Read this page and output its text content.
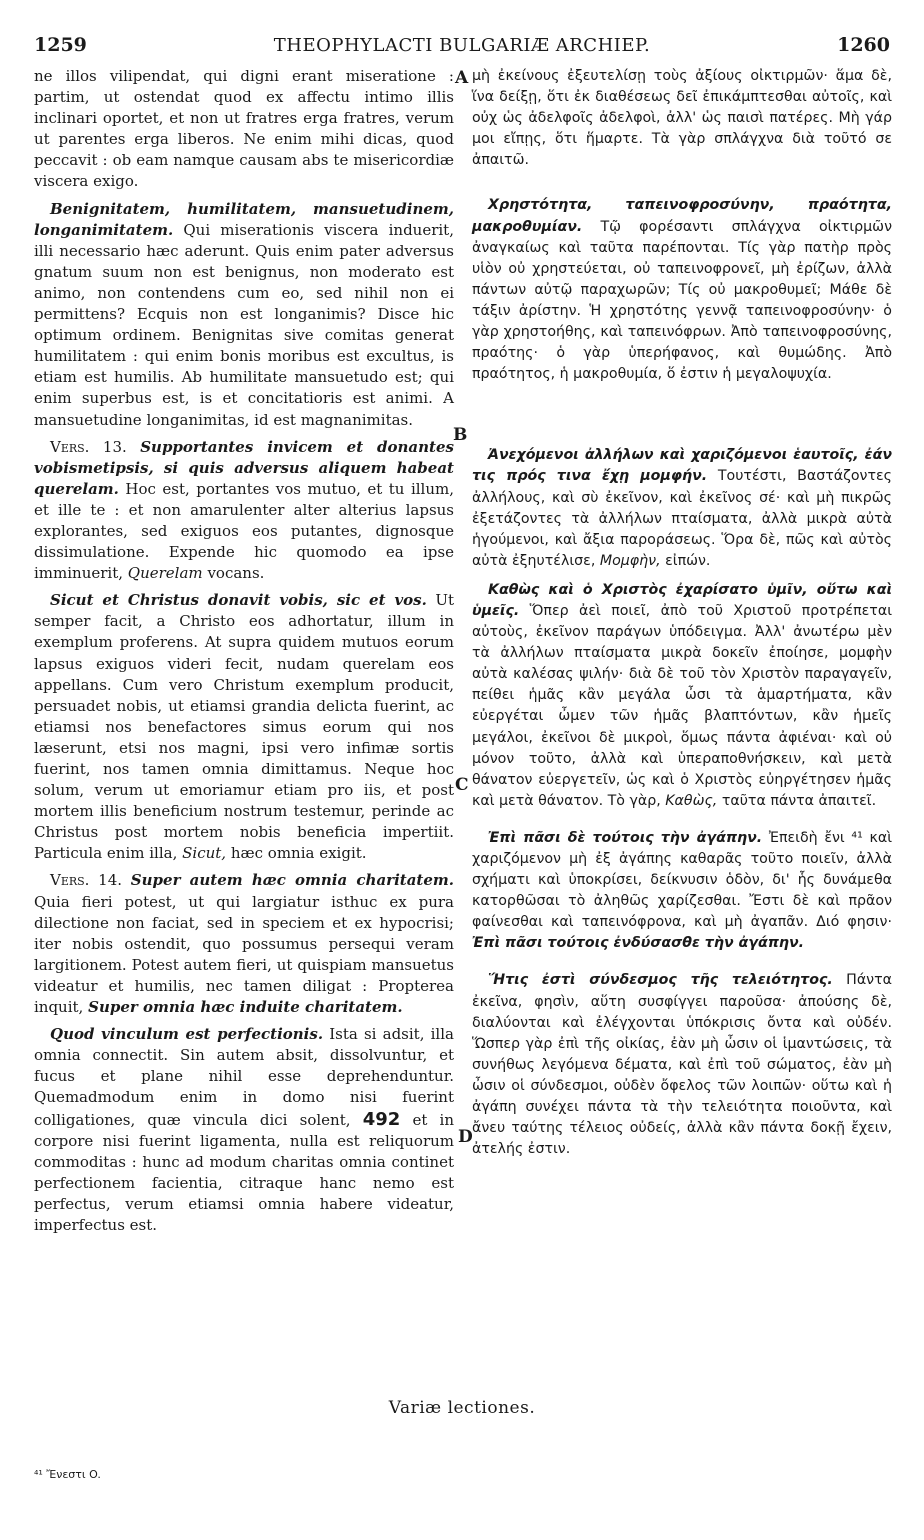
1259	THEOPHYLACTI BULGARIÆ ARCHIEP.	1260
A
B
C
D

ne illos vilipendat, qui digni erant miseratione : partim, ut ostendat quod ex affectu intimo illis inclinari oportet, et non ut fratres erga fratres, verum ut parentes erga liberos. Ne enim mihi dicas, quod peccavit : ob eam namque causam abs te misericordiæ viscera exigo.

Benignitatem, humilitatem, mansuetudinem, longanimitatem. Qui miserationis viscera induerit, illi necessario hæc aderunt. Quis enim pater adversus gnatum suum non est benignus, non moderato est animo, non contendens cum eo, sed nihil non ei permittens? Ecquis non est longanimis? Disce hic optimum ordinem. Benignitas sive comitas generat humilitatem : qui enim bonis moribus est excultus, is etiam est humilis. Ab humilitate mansuetudo est; qui enim superbus est, is et concitatioris est animi. A mansuetudine longanimitas, id est magnanimitas.

Vers. 13. Supportantes invicem et donantes vobismetipsis, si quis adversus aliquem habeat querelam. Hoc est, portantes vos mutuo, et tu illum, et ille te : et non amarulenter alter alterius lapsus explorantes, sed exiguos eos putantes, dignosque dissimulatione. Expende hic quomodo ea ipse imminuerit, Querelam vocans.

Sicut et Christus donavit vobis, sic et vos. Ut semper facit, a Christo eos adhortatur, illum in exemplum proferens. At supra quidem mutuos eorum lapsus exiguos videri fecit, nudam querelam eos appellans. Cum vero Christum exemplum producit, persuadet nobis, ut etiamsi grandia delicta fuerint, ac etiamsi nos benefactores simus eorum qui nos læserunt, etsi nos magni, ipsi vero infimæ sortis fuerint, nos tamen omnia dimittamus. Neque hoc solum, verum ut emoriamur etiam pro iis, et post mortem illis beneficium nostrum testemur, perinde ac Christus post mortem nobis beneficia impertiit. Particula enim illa, Sicut, hæc omnia exigit.

Vers. 14. Super autem hæc omnia charitatem. Quia fieri potest, ut qui largiatur isthuc ex pura dilectione non faciat, sed in speciem et ex hypocrisi; iter nobis ostendit, quo possumus persequi veram largitionem. Potest autem fieri, ut quispiam mansuetus videatur et humilis, nec tamen diligat : Propterea inquit, Super omnia hæc induite charitatem.

Quod vinculum est perfectionis. Ista si adsit, illa omnia connectit. Sin autem absit, dissolvuntur, et fucus et plane nihil esse deprehenduntur. Quemadmodum enim in domo nisi fuerint colligationes, quæ vincula dici solent, 492 et in corpore nisi fuerint ligamenta, nulla est reliquorum commoditas : hunc ad modum charitas omnia continet perfectionem facientia, citraque hanc nemo est perfectus, verum etiamsi omnia habere videatur, imperfectus est.

μὴ ἐκείνους ἐξευτελίσῃ τοὺς ἀξίους οἰκτιρμῶν· ἅμα δὲ, ἵνα δείξῃ, ὅτι ἐκ διαθέσεως δεῖ ἐπικάμπτεσθαι αὐτοῖς, καὶ οὐχ ὡς ἀδελφοῖς ἀδελφοὶ, ἀλλ' ὡς παισὶ πατέρες. Μὴ γάρ μοι εἴπῃς, ὅτι ἥμαρτε. Τὰ γὰρ σπλάγχνα διὰ τοῦτό σε ἀπαιτῶ.

Χρηστότητα, ταπεινοφροσύνην, πραότητα, μακροθυμίαν. Τῷ φορέσαντι σπλάγχνα οἰκτιρμῶν ἀναγκαίως καὶ ταῦτα παρέπονται. Τίς γὰρ πατὴρ πρὸς υἱὸν οὐ χρηστεύεται, οὐ ταπεινοφρονεῖ, μὴ ἐρίζων, ἀλλὰ πάντων αὐτῷ παραχωρῶν; Τίς οὐ μακροθυμεῖ; Μάθε δὲ τάξιν ἀρίστην. Ἡ χρηστότης γεννᾷ ταπεινοφροσύνην· ὁ γὰρ χρηστοήθης, καὶ ταπεινόφρων. Ἀπὸ ταπεινοφροσύνης, πραότης· ὁ γὰρ ὑπερήφανος, καὶ θυμώδης. Ἀπὸ πραότητος, ἡ μακροθυμία, ὅ ἐστιν ἡ μεγαλοψυχία.

Ἀνεχόμενοι ἀλλήλων καὶ χαριζόμενοι ἑαυτοῖς, ἐάν τις πρός τινα ἔχῃ μομφήν. Τουτέστι, Βαστάζοντες ἀλλήλους, καὶ σὺ ἐκεῖνον, καὶ ἐκεῖνος σέ· καὶ μὴ πικρῶς ἐξετάζοντες τὰ ἀλλήλων πταίσματα, ἀλλὰ μικρὰ αὐτὰ ἡγούμενοι, καὶ ἄξια παροράσεως. Ὅρα δὲ, πῶς καὶ αὐτὸς αὐτὰ ἐξηυτέλισε, Μομφὴν, εἰπών.

Καθὼς καὶ ὁ Χριστὸς ἐχαρίσατο ὑμῖν, οὕτω καὶ ὑμεῖς. Ὅπερ ἀεὶ ποιεῖ, ἀπὸ τοῦ Χριστοῦ προτρέπεται αὐτοὺς, ἐκεῖνον παράγων ὑπόδειγμα. Ἀλλ' ἀνωτέρω μὲν τὰ ἀλλήλων πταίσματα μικρὰ δοκεῖν ἐποίησε, μομφὴν αὐτὰ καλέσας ψιλήν· διὰ δὲ τοῦ τὸν Χριστὸν παραγαγεῖν, πείθει ἡμᾶς κἂν μεγάλα ὦσι τὰ ἁμαρτήματα, κἂν εὐεργέται ὦμεν τῶν ἡμᾶς βλαπτόντων, κἂν ἡμεῖς μεγάλοι, ἐκεῖνοι δὲ μικροὶ, ὅμως πάντα ἀφιέναι· καὶ οὐ μόνον τοῦτο, ἀλλὰ καὶ ὑπεραποθνήσκειν, καὶ μετὰ θάνατον εὐεργετεῖν, ὡς καὶ ὁ Χριστὸς εὐηργέτησεν ἡμᾶς καὶ μετὰ θάνατον. Τὸ γὰρ, Καθὼς, ταῦτα πάντα ἀπαιτεῖ.

Ἐπὶ πᾶσι δὲ τούτοις τὴν ἀγάπην. Ἐπειδὴ ἔνι ⁴¹ καὶ χαριζόμενον μὴ ἐξ ἀγάπης καθαρᾶς τοῦτο ποιεῖν, ἀλλὰ σχήματι καὶ ὑποκρίσει, δείκνυσιν ὁδὸν, δι' ἧς δυνάμεθα κατορθῶσαι τὸ ἀληθῶς χαρίζεσθαι. Ἔστι δὲ καὶ πρᾶον φαίνεσθαι καὶ ταπεινόφρονα, καὶ μὴ ἀγαπᾶν. Διό φησιν· Ἐπὶ πᾶσι τούτοις ἐνδύσασθε τὴν ἀγάπην.

Ἥτις ἐστὶ σύνδεσμος τῆς τελειότητος. Πάντα ἐκεῖνα, φησὶν, αὕτη συσφίγγει παροῦσα· ἀπούσης δὲ, διαλύονται καὶ ἐλέγχονται ὑπόκρισις ὄντα καὶ οὐδέν. Ὥσπερ γὰρ ἐπὶ τῆς οἰκίας, ἐὰν μὴ ὦσιν οἱ ἱμαντώσεις, τὰ συνήθως λεγόμενα δέματα, καὶ ἐπὶ τοῦ σώματος, ἐὰν μὴ ὦσιν οἱ σύνδεσμοι, οὐδὲν ὄφελος τῶν λοιπῶν· οὕτω καὶ ἡ ἀγάπη συνέχει πάντα τὰ τὴν τελειότητα ποιοῦντα, καὶ ἄνευ ταύτης τέλειος οὐδείς, ἀλλὰ κἂν πάντα δοκῇ ἔχειν, ἀτελής ἐστιν.

Variæ lectiones.
⁴¹ Ἔνεστι O.
